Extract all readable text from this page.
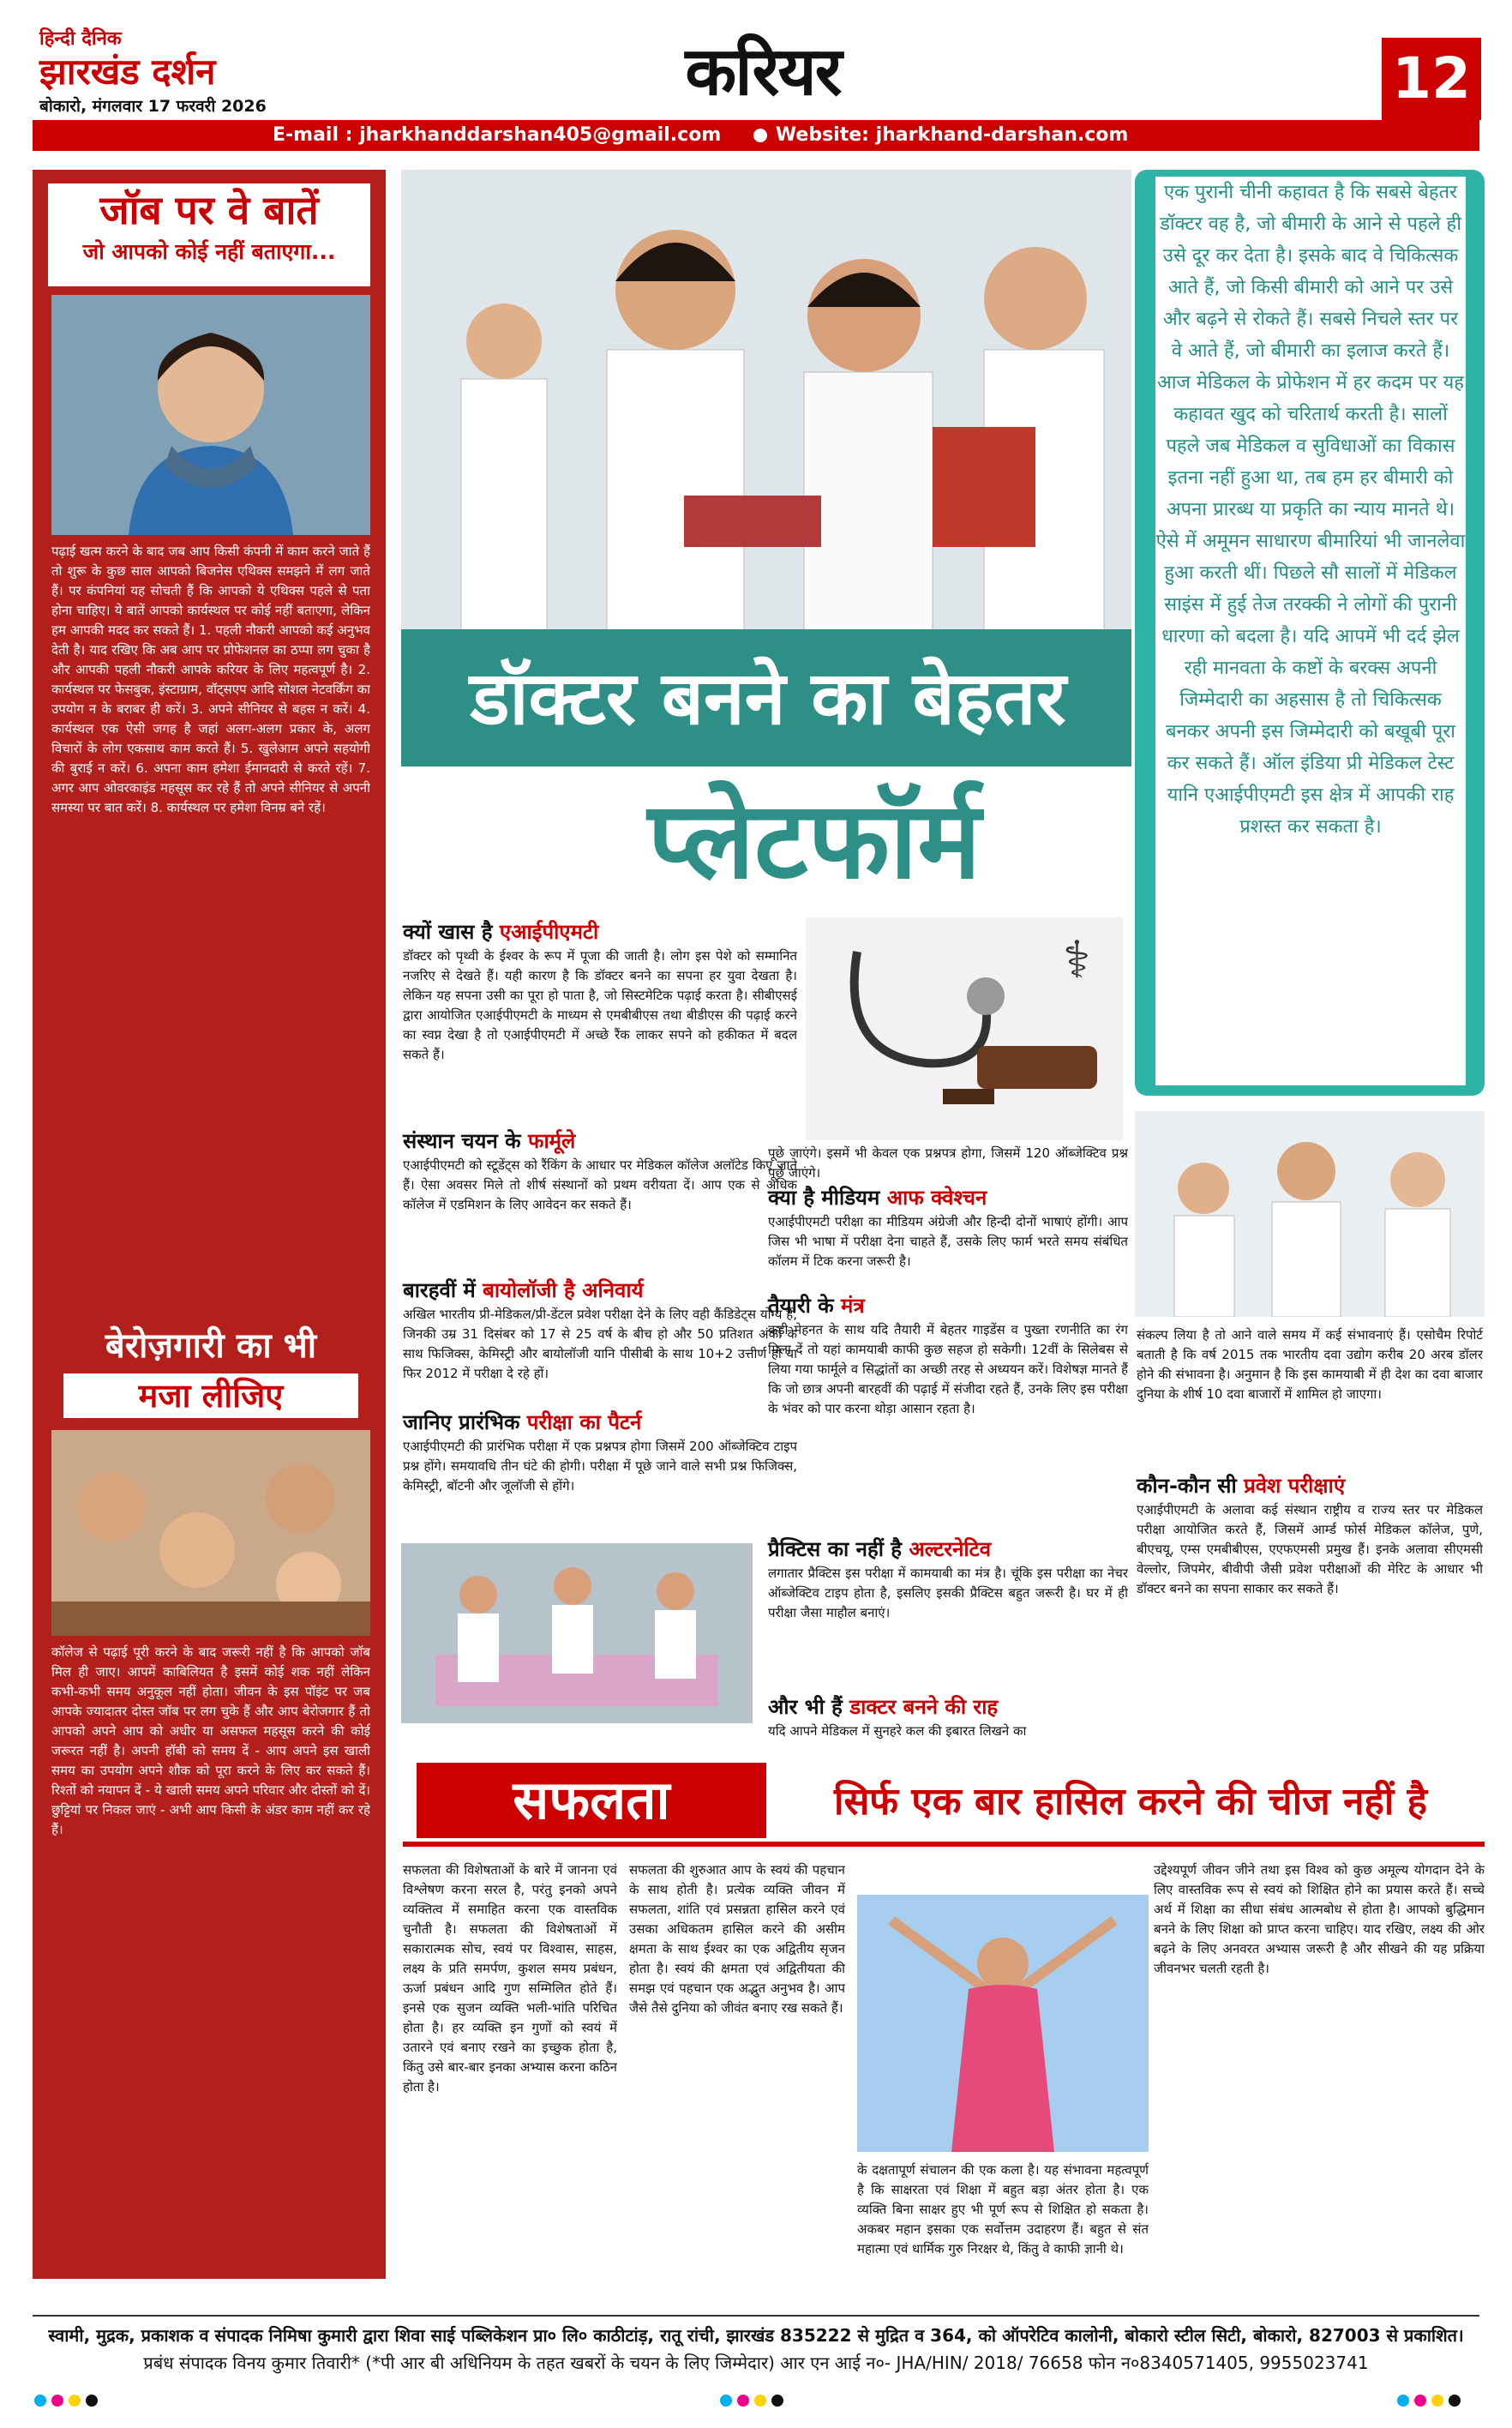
हिन्दी दैनिक
झारखंड दर्शन
बोकारो, मंगलवार 17 फरवरी 2026	करियर	12
E-mail : jharkhanddarshan405@gmail.com	Website: jharkhand-darshan.com
जॉब पर वे बातें
जो आपको कोई नहीं बताएगा...
पढ़ाई खत्म करने के बाद जब आप किसी कंपनी में काम करने जाते हैं तो शुरू के कुछ साल आपको बिजनेस एथिक्स समझने में लग जाते हैं। पर कंपनियां यह सोचती हैं कि आपको ये एथिक्स पहले से पता होना चाहिए। ये बातें आपको कार्यस्थल पर कोई नहीं बताएगा, लेकिन हम आपकी मदद कर सकते हैं। 1. पहली नौकरी आपको कई अनुभव देती है। याद रखिए कि अब आप पर प्रोफेशनल का ठप्पा लग चुका है और आपकी पहली नौकरी आपके करियर के लिए महत्वपूर्ण है। 2. कार्यस्थल पर फेसबुक, इंस्टाग्राम, वॉट्सएप आदि सोशल नेटवर्किंग का उपयोग न के बराबर ही करें। 3. अपने सीनियर से बहस न करें। 4. कार्यस्थल एक ऐसी जगह है जहां अलग-अलग प्रकार के, अलग विचारों के लोग एकसाथ काम करते हैं। 5. खुलेआम अपने सहयोगी की बुराई न करें। 6. अपना काम हमेशा ईमानदारी से करते रहें। 7. अगर आप ओवरकाइंड महसूस कर रहे हैं तो अपने सीनियर से अपनी समस्या पर बात करें। 8. कार्यस्थल पर हमेशा विनम्र बने रहें।
बेरोज़गारी का भी
मजा लीजिए
कॉलेज से पढ़ाई पूरी करने के बाद जरूरी नहीं है कि आपको जॉब मिल ही जाए। आपमें काबिलियत है इसमें कोई शक नहीं लेकिन कभी-कभी समय अनुकूल नहीं होता। जीवन के इस पॉइंट पर जब आपके ज्यादातर दोस्त जॉब पर लग चुके हैं और आप बेरोजगार हैं तो आपको अपने आप को अधीर या असफल महसूस करने की कोई जरूरत नहीं है। अपनी हॉबी को समय दें - आप अपने इस खाली समय का उपयोग अपने शौक को पूरा करने के लिए कर सकते हैं। रिश्तों को नयापन दें - ये खाली समय अपने परिवार और दोस्तों को दें। छुट्टियां पर निकल जाएं - अभी आप किसी के अंडर काम नहीं कर रहे हैं।
एक पुरानी चीनी कहावत है कि सबसे बेहतर डॉक्टर वह है, जो बीमारी के आने से पहले ही उसे दूर कर देता है। इसके बाद वे चिकित्सक आते हैं, जो किसी बीमारी को आने पर उसे और बढ़ने से रोकते हैं। सबसे निचले स्तर पर वे आते हैं, जो बीमारी का इलाज करते हैं। आज मेडिकल के प्रोफेशन में हर कदम पर यह कहावत खुद को चरितार्थ करती है। सालों पहले जब मेडिकल व सुविधाओं का विकास इतना नहीं हुआ था, तब हम हर बीमारी को अपना प्रारब्ध या प्रकृति का न्याय मानते थे। ऐसे में अमूमन साधारण बीमारियां भी जानलेवा हुआ करती थीं। पिछले सौ सालों में मेडिकल साइंस में हुई तेज तरक्की ने लोगों की पुरानी धारणा को बदला है। यदि आपमें भी दर्द झेल रही मानवता के कष्टों के बरक्स अपनी जिम्मेदारी का अहसास है तो चिकित्सक बनकर अपनी इस जिम्मेदारी को बखूबी पूरा कर सकते हैं। ऑल इंडिया प्री मेडिकल टेस्ट यानि एआईपीएमटी इस क्षेत्र में आपकी राह प्रशस्त कर सकता है।
डॉक्टर बनने का बेहतर
प्लेटफॉर्म
क्यों खास है एआईपीएमटी
डॉक्टर को पृथ्वी के ईश्वर के रूप में पूजा की जाती है। लोग इस पेशे को सम्मानित नजरिए से देखते हैं। यही कारण है कि डॉक्टर बनने का सपना हर युवा देखता है। लेकिन यह सपना उसी का पूरा हो पाता है, जो सिस्टमेटिक पढ़ाई करता है। सीबीएसई द्वारा आयोजित एआईपीएमटी के माध्यम से एमबीबीएस तथा बीडीएस की पढ़ाई करने का स्वप्न देखा है तो एआईपीएमटी में अच्छे रैंक लाकर सपने को हकीकत में बदल सकते हैं।
संस्थान चयन के फार्मूले
एआईपीएमटी को स्टूडेंट्स को रैंकिंग के आधार पर मेडिकल कॉलेज अलॉटेड किए जाते हैं। ऐसा अवसर मिले तो शीर्ष संस्थानों को प्रथम वरीयता दें। आप एक से अधिक कॉलेज में एडमिशन के लिए आवेदन कर सकते हैं।
बारहवीं में बायोलॉजी है अनिवार्य
अखिल भारतीय प्री-मेडिकल/प्री-डेंटल प्रवेश परीक्षा देने के लिए वही कैंडिडेट्स योग्य हैं, जिनकी उम्र 31 दिसंबर को 17 से 25 वर्ष के बीच हो और 50 प्रतिशत अंकों के साथ फिजिक्स, केमिस्ट्री और बायोलॉजी यानि पीसीबी के साथ 10+2 उत्तीर्ण हो या फिर 2012 में परीक्षा दे रहे हों।
जानिए प्रारंभिक परीक्षा का पैटर्न
एआईपीएमटी की प्रारंभिक परीक्षा में एक प्रश्नपत्र होगा जिसमें 200 ऑब्जेक्टिव टाइप प्रश्न होंगे। समयावधि तीन घंटे की होगी। परीक्षा में पूछे जाने वाले सभी प्रश्न फिजिक्स, केमिस्ट्री, बॉटनी और जूलॉजी से होंगे।
⚕
पूछे जाएंगे। इसमें भी केवल एक प्रश्नपत्र होगा, जिसमें 120 ऑब्जेक्टिव प्रश्न पूछे जाएंगे।
क्या है मीडियम आफ क्वेश्चन
एआईपीएमटी परीक्षा का मीडियम अंग्रेजी और हिन्दी दोनों भाषाएं होंगी। आप जिस भी भाषा में परीक्षा देना चाहते हैं, उसके लिए फार्म भरते समय संबंधित कॉलम में टिक करना जरूरी है।
तैयारी के मंत्र
कड़ी मेहनत के साथ यदि तैयारी में बेहतर गाइडेंस व पुख्ता रणनीति का रंग मिला दें तो यहां कामयाबी काफी कुछ सहज हो सकेगी। 12वीं के सिलेबस से लिया गया फार्मूले व सिद्धांतों का अच्छी तरह से अध्ययन करें। विशेषज्ञ मानते हैं कि जो छात्र अपनी बारहवीं की पढ़ाई में संजीदा रहते हैं, उनके लिए इस परीक्षा के भंवर को पार करना थोड़ा आसान रहता है।
प्रैक्टिस का नहीं है अल्टरनेटिव
लगातार प्रैक्टिस इस परीक्षा में कामयाबी का मंत्र है। चूंकि इस परीक्षा का नेचर ऑब्जेक्टिव टाइप होता है, इसलिए इसकी प्रैक्टिस बहुत जरूरी है। घर में ही परीक्षा जैसा माहौल बनाएं।
और भी हैं डाक्टर बनने की राह
यदि आपने मेडिकल में सुनहरे कल की इबारत लिखने का
संकल्प लिया है तो आने वाले समय में कई संभावनाएं हैं। एसोचैम रिपोर्ट बताती है कि वर्ष 2015 तक भारतीय दवा उद्योग करीब 20 अरब डॉलर होने की संभावना है। अनुमान है कि इस कामयाबी में ही देश का दवा बाजार दुनिया के शीर्ष 10 दवा बाजारों में शामिल हो जाएगा।
कौन-कौन सी प्रवेश परीक्षाएं
एआईपीएमटी के अलावा कई संस्थान राष्ट्रीय व राज्य स्तर पर मेडिकल परीक्षा आयोजित करते हैं, जिसमें आर्म्ड फोर्स मेडिकल कॉलेज, पुणे, बीएचयू, एम्स एमबीबीएस, एएफएमसी प्रमुख हैं। इनके अलावा सीएमसी वेल्लोर, जिपमेर, बीवीपी जैसी प्रवेश परीक्षाओं की मेरिट के आधार भी डॉक्टर बनने का सपना साकार कर सकते हैं।
सफलता	सिर्फ एक बार हासिल करने की चीज नहीं है
सफलता की विशेषताओं के बारे में जानना एवं विश्लेषण करना सरल है, परंतु इनको अपने व्यक्तित्व में समाहित करना एक वास्तविक चुनौती है। सफलता की विशेषताओं में सकारात्मक सोच, स्वयं पर विश्वास, साहस, लक्ष्य के प्रति समर्पण, कुशल समय प्रबंधन, ऊर्जा प्रबंधन आदि गुण सम्मिलित होते हैं। इनसे एक सुजन व्यक्ति भली-भांति परिचित होता है। हर व्यक्ति इन गुणों को स्वयं में उतारने एवं बनाए रखने का इच्छुक होता है, किंतु उसे बार-बार इनका अभ्यास करना कठिन होता है।
सफलता की शुरुआत आप के स्वयं की पहचान के साथ होती है। प्रत्येक व्यक्ति जीवन में सफलता, शांति एवं प्रसन्नता हासिल करने एवं उसका अधिकतम हासिल करने की असीम क्षमता के साथ ईश्वर का एक अद्वितीय सृजन होता है। स्वयं की क्षमता एवं अद्वितीयता की समझ एवं पहचान एक अद्भुत अनुभव है। आप जैसे तैसे दुनिया को जीवंत बनाए रख सकते हैं।
उद्देश्यपूर्ण जीवन जीने तथा इस विश्व को कुछ अमूल्य योगदान देने के लिए वास्तविक रूप से स्वयं को शिक्षित होने का प्रयास करते हैं। सच्चे अर्थ में शिक्षा का सीधा संबंध आत्मबोध से होता है। आपको बुद्धिमान बनने के लिए शिक्षा को प्राप्त करना चाहिए। याद रखिए, लक्ष्य की ओर बढ़ने के लिए अनवरत अभ्यास जरूरी है और सीखने की यह प्रक्रिया जीवनभर चलती रहती है।
के दक्षतापूर्ण संचालन की एक कला है। यह संभावना महत्वपूर्ण है कि साक्षरता एवं शिक्षा में बहुत बड़ा अंतर होता है। एक व्यक्ति बिना साक्षर हुए भी पूर्ण रूप से शिक्षित हो सकता है। अकबर महान इसका एक सर्वोत्तम उदाहरण हैं। बहुत से संत महात्मा एवं धार्मिक गुरु निरक्षर थे, किंतु वे काफी ज्ञानी थे।
स्वामी, मुद्रक, प्रकाशक व संपादक निमिषा कुमारी द्वारा शिवा साई पब्लिकेशन प्रा० लि० काठीटांड़, रातू रांची, झारखंड 835222 से मुद्रित व 364, को ऑपरेटिव कालोनी, बोकारो स्टील सिटी, बोकारो, 827003 से प्रकाशित।
प्रबंध संपादक विनय कुमार तिवारी* (*पी आर बी अधिनियम के तहत खबरों के चयन के लिए जिम्मेदार) आर एन आई न०- JHA/HIN/ 2018/ 76658 फोन न०8340571405, 9955023741
